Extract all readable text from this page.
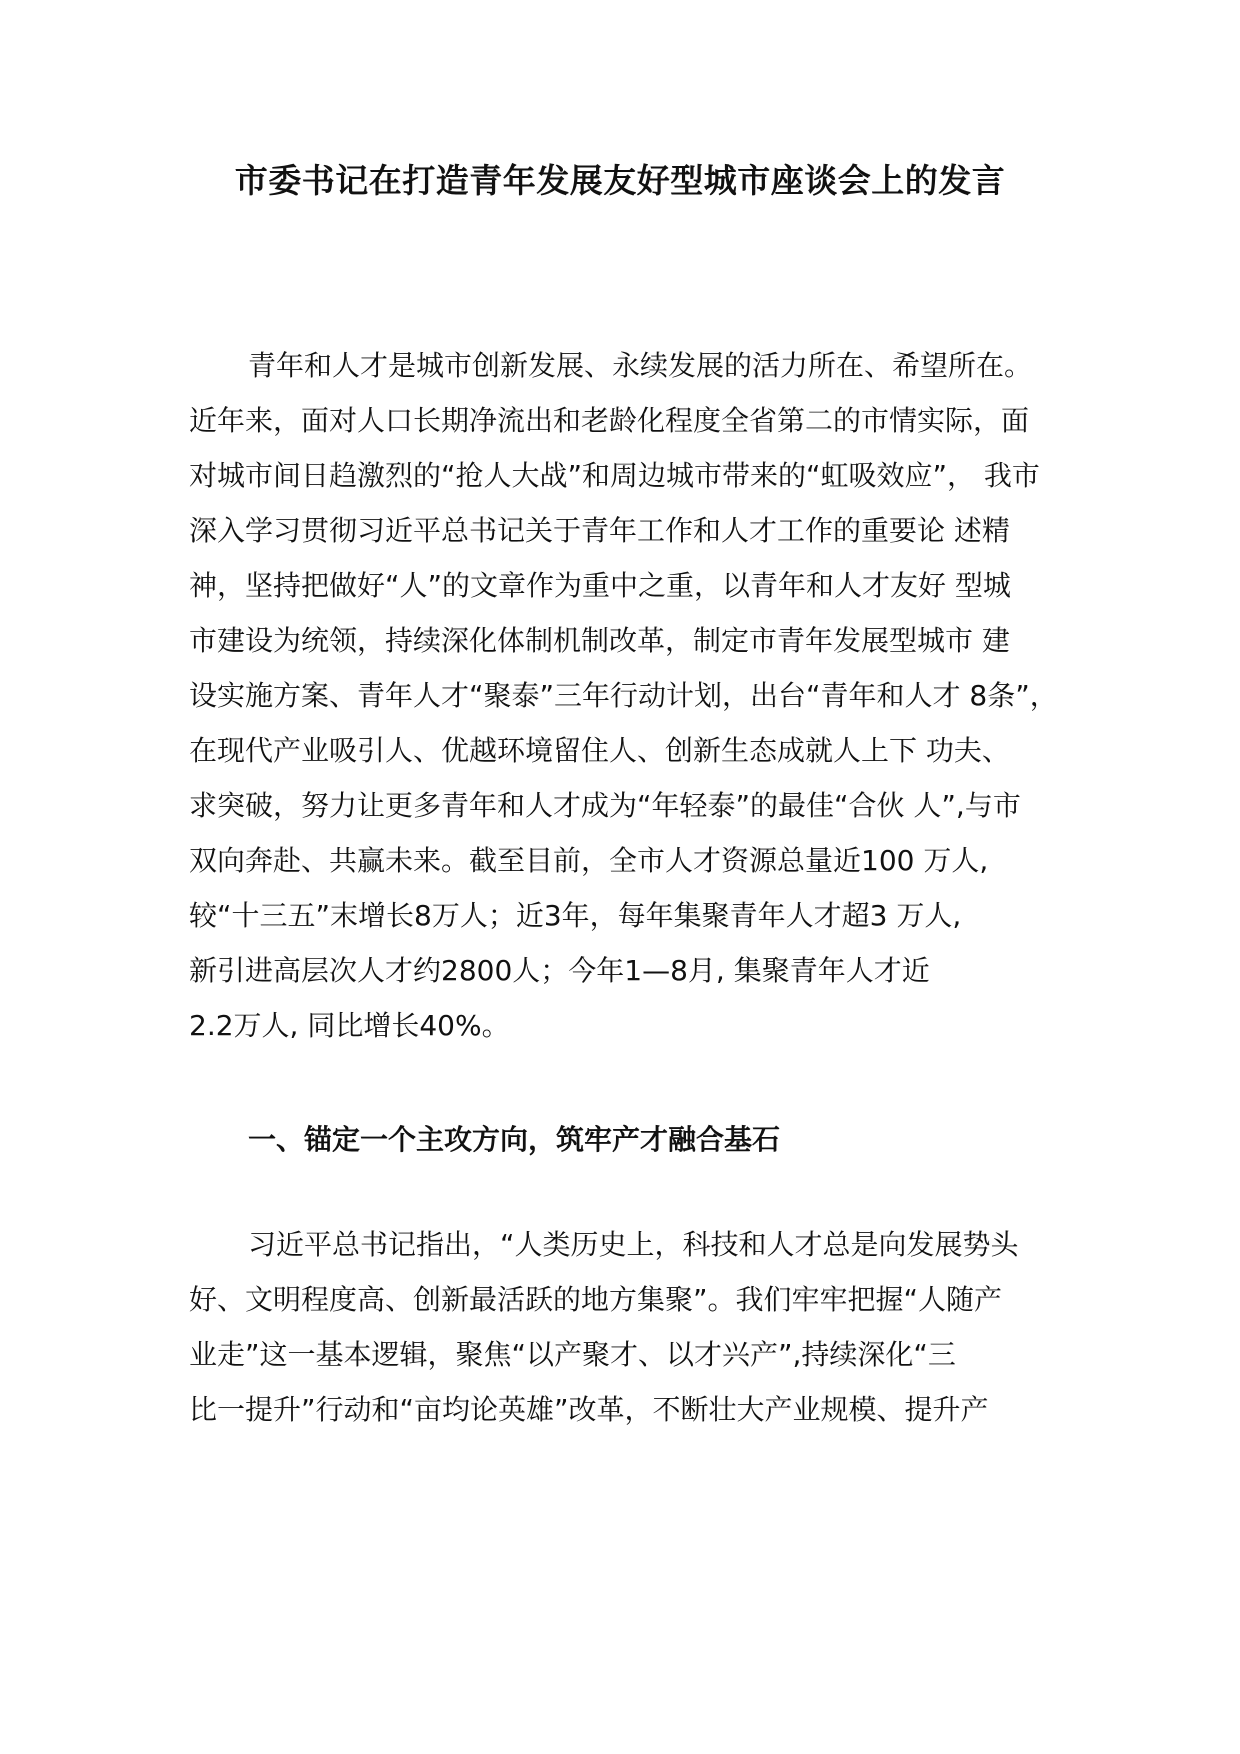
市委书记在打造青年发展友好型城市座谈会上的发言
青年和人才是城市创新发展、永续发展的活力所在、希望所在。
近年来，面对人口长期净流出和老龄化程度全省第二的市情实际，面
对城市间日趋激烈的“抢人大战”和周边城市带来的“虹吸效应”， 我市
深入学习贯彻习近平总书记关于青年工作和人才工作的重要论 述精
神，坚持把做好“人”的文章作为重中之重，以青年和人才友好 型城
市建设为统领，持续深化体制机制改革，制定市青年发展型城市 建
设实施方案、青年人才“聚泰”三年行动计划，出台“青年和人才 8条”，
在现代产业吸引人、优越环境留住人、创新生态成就人上下 功夫、
求突破，努力让更多青年和人才成为“年轻泰”的最佳“合伙 人”,与市
双向奔赴、共赢未来。截至目前，全市人才资源总量近100 万人,
较“十三五”末增长8万人；近3年，每年集聚青年人才超3 万人,
新引进高层次人才约2800人；今年1—8月, 集聚青年人才近
2.2万人, 同比增长40%。
一、锚定一个主攻方向，筑牢产才融合基石
习近平总书记指出，“人类历史上，科技和人才总是向发展势头
好、文明程度高、创新最活跃的地方集聚”。我们牢牢把握“人随产
业走”这一基本逻辑，聚焦“以产聚才、以才兴产”,持续深化“三
比一提升”行动和“亩均论英雄”改革，不断壮大产业规模、提升产
